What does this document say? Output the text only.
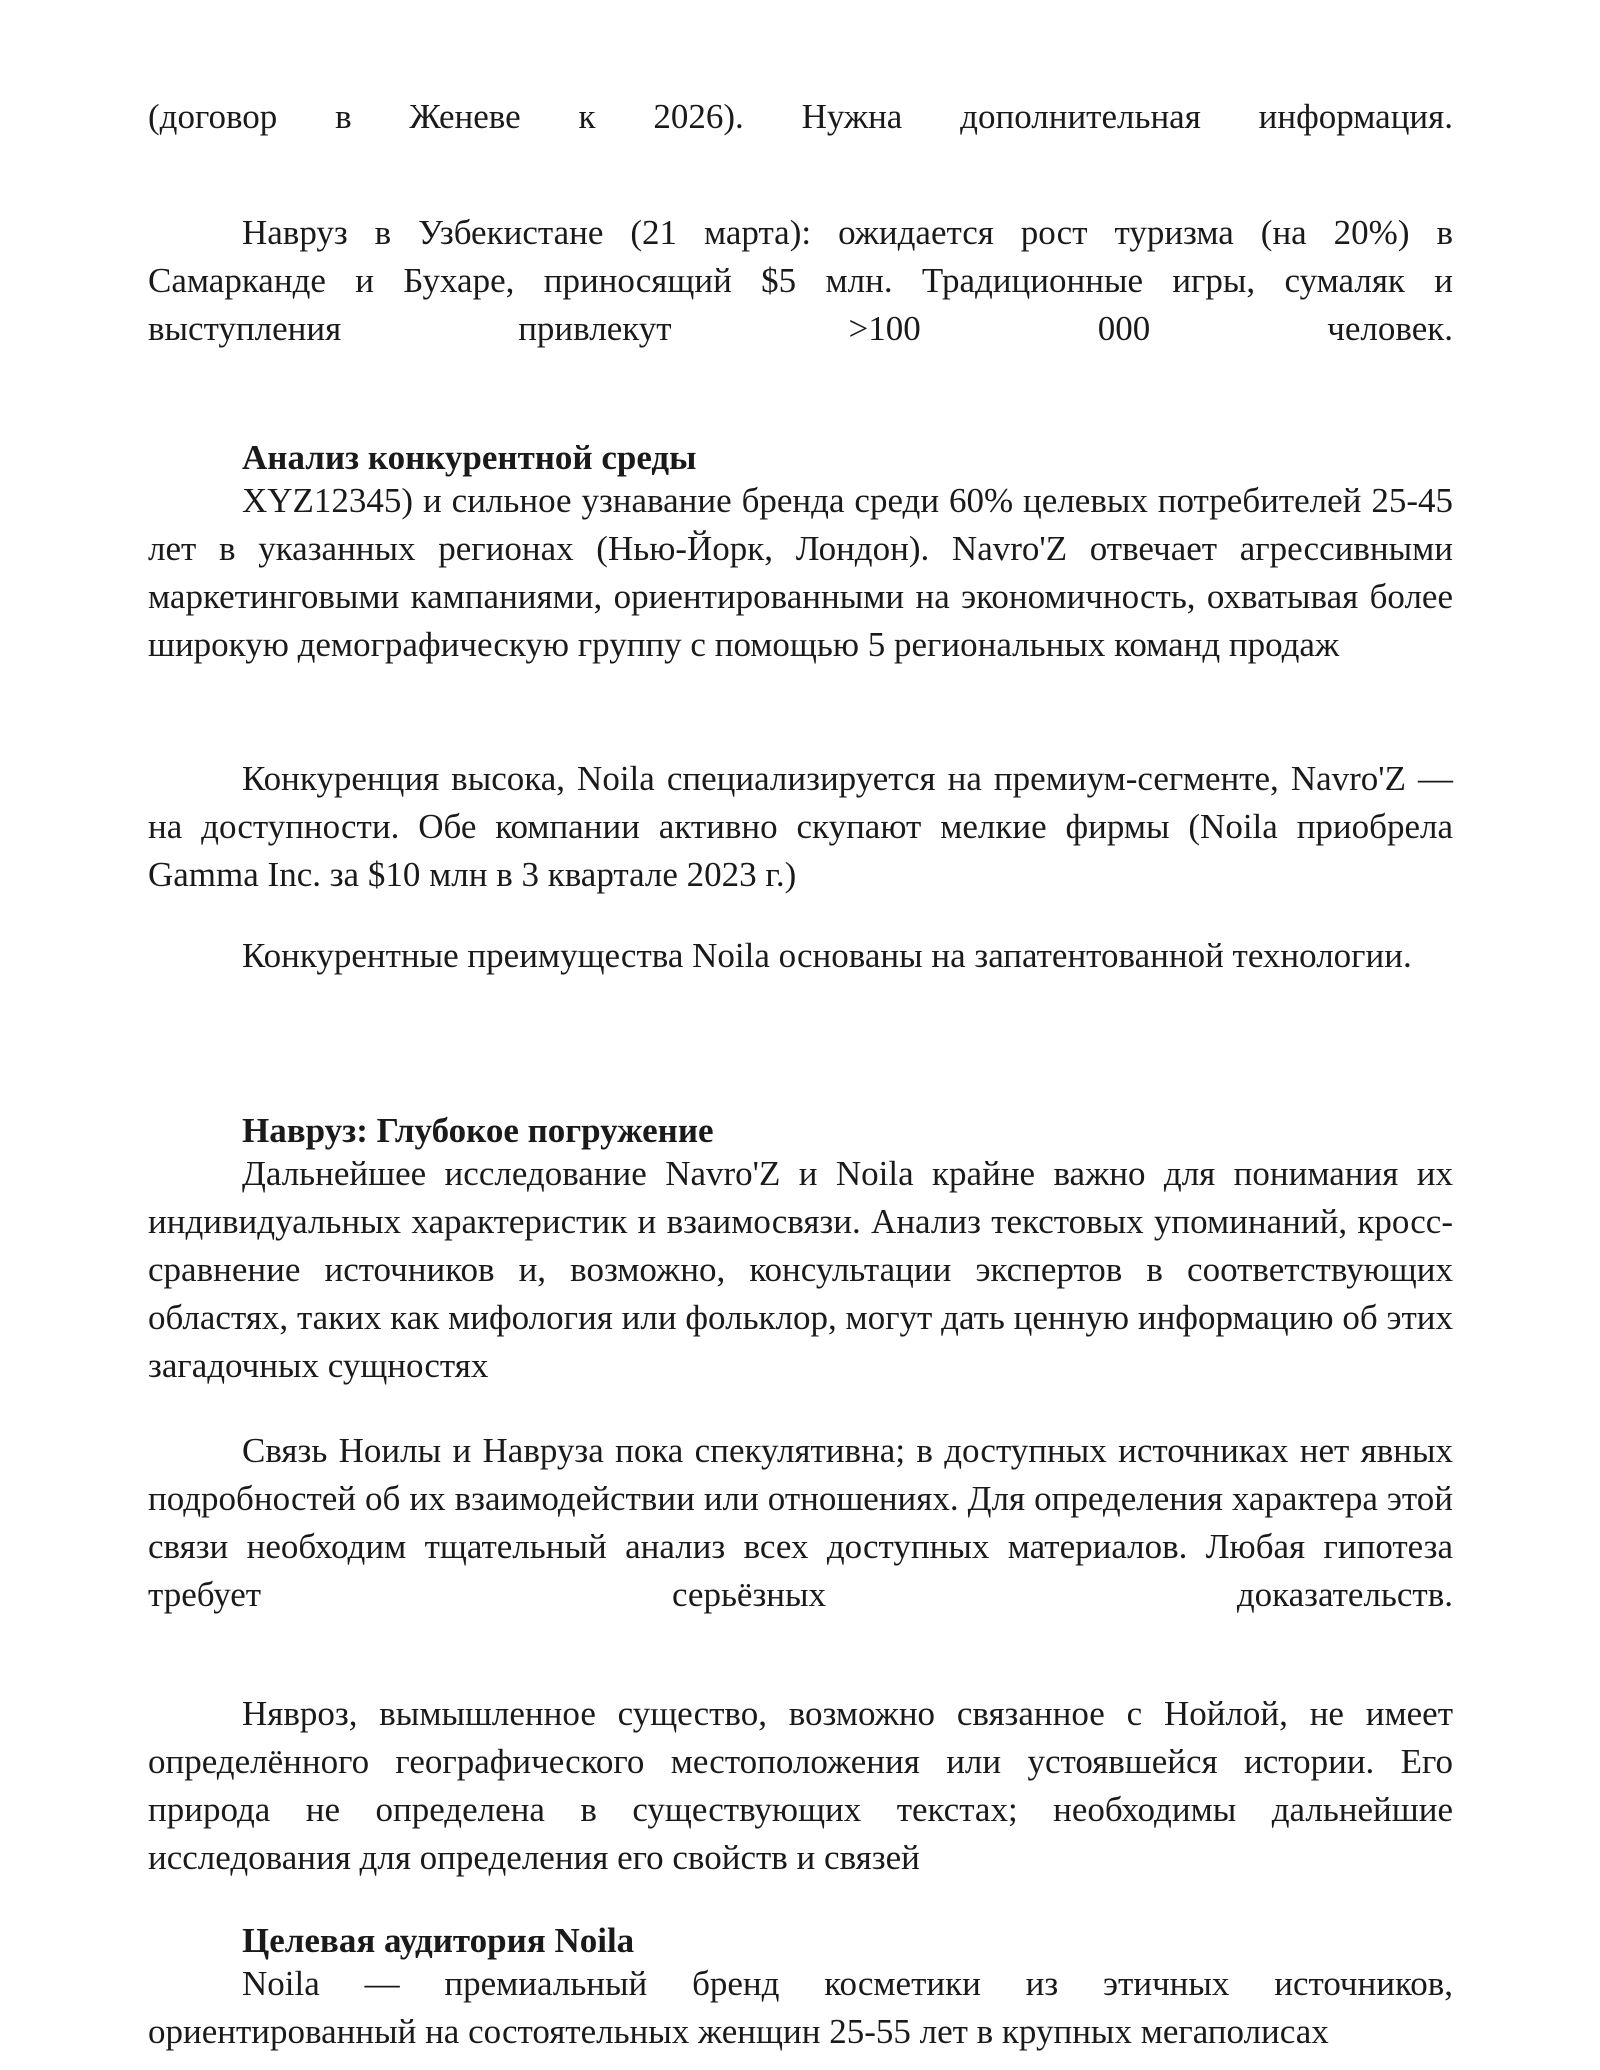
(договор в Женеве к 2026). Нужна дополнительная информация.

Навруз в Узбекистане (21 марта): ожидается рост туризма (на 20%) в Самарканде и Бухаре, приносящий $5 млн. Традиционные игры, сумаляк и выступления привлекут >100 000 человек.

Анализ конкурентной среды

XYZ12345) и сильное узнавание бренда среди 60% целевых потребителей 25-45 лет в указанных регионах (Нью-Йорк, Лондон). Navro'Z отвечает агрессивными маркетинговыми кампаниями, ориентированными на экономичность, охватывая более широкую демографическую группу с помощью 5 региональных команд продаж

Конкуренция высока, Noila специализируется на премиум-сегменте, Navro'Z — на доступности. Обе компании активно скупают мелкие фирмы (Noila приобрела Gamma Inc. за $10 млн в 3 квартале 2023 г.)

Конкурентные преимущества Noila основаны на запатентованной технологии.

Навруз: Глубокое погружение

Дальнейшее исследование Navro'Z и Noila крайне важно для понимания их индивидуальных характеристик и взаимосвязи. Анализ текстовых упоминаний, кросс-сравнение источников и, возможно, консультации экспертов в соответствующих областях, таких как мифология или фольклор, могут дать ценную информацию об этих загадочных сущностях

Связь Ноилы и Навруза пока спекулятивна; в доступных источниках нет явных подробностей об их взаимодействии или отношениях. Для определения характера этой связи необходим тщательный анализ всех доступных материалов. Любая гипотеза требует серьёзных доказательств.

Нявроз, вымышленное существо, возможно связанное с Нойлой, не имеет определённого географического местоположения или устоявшейся истории. Его природа не определена в существующих текстах; необходимы дальнейшие исследования для определения его свойств и связей

Целевая аудитория Noila

Noila — премиальный бренд косметики из этичных источников, ориентированный на состоятельных женщин 25-55 лет в крупных мегаполисах
